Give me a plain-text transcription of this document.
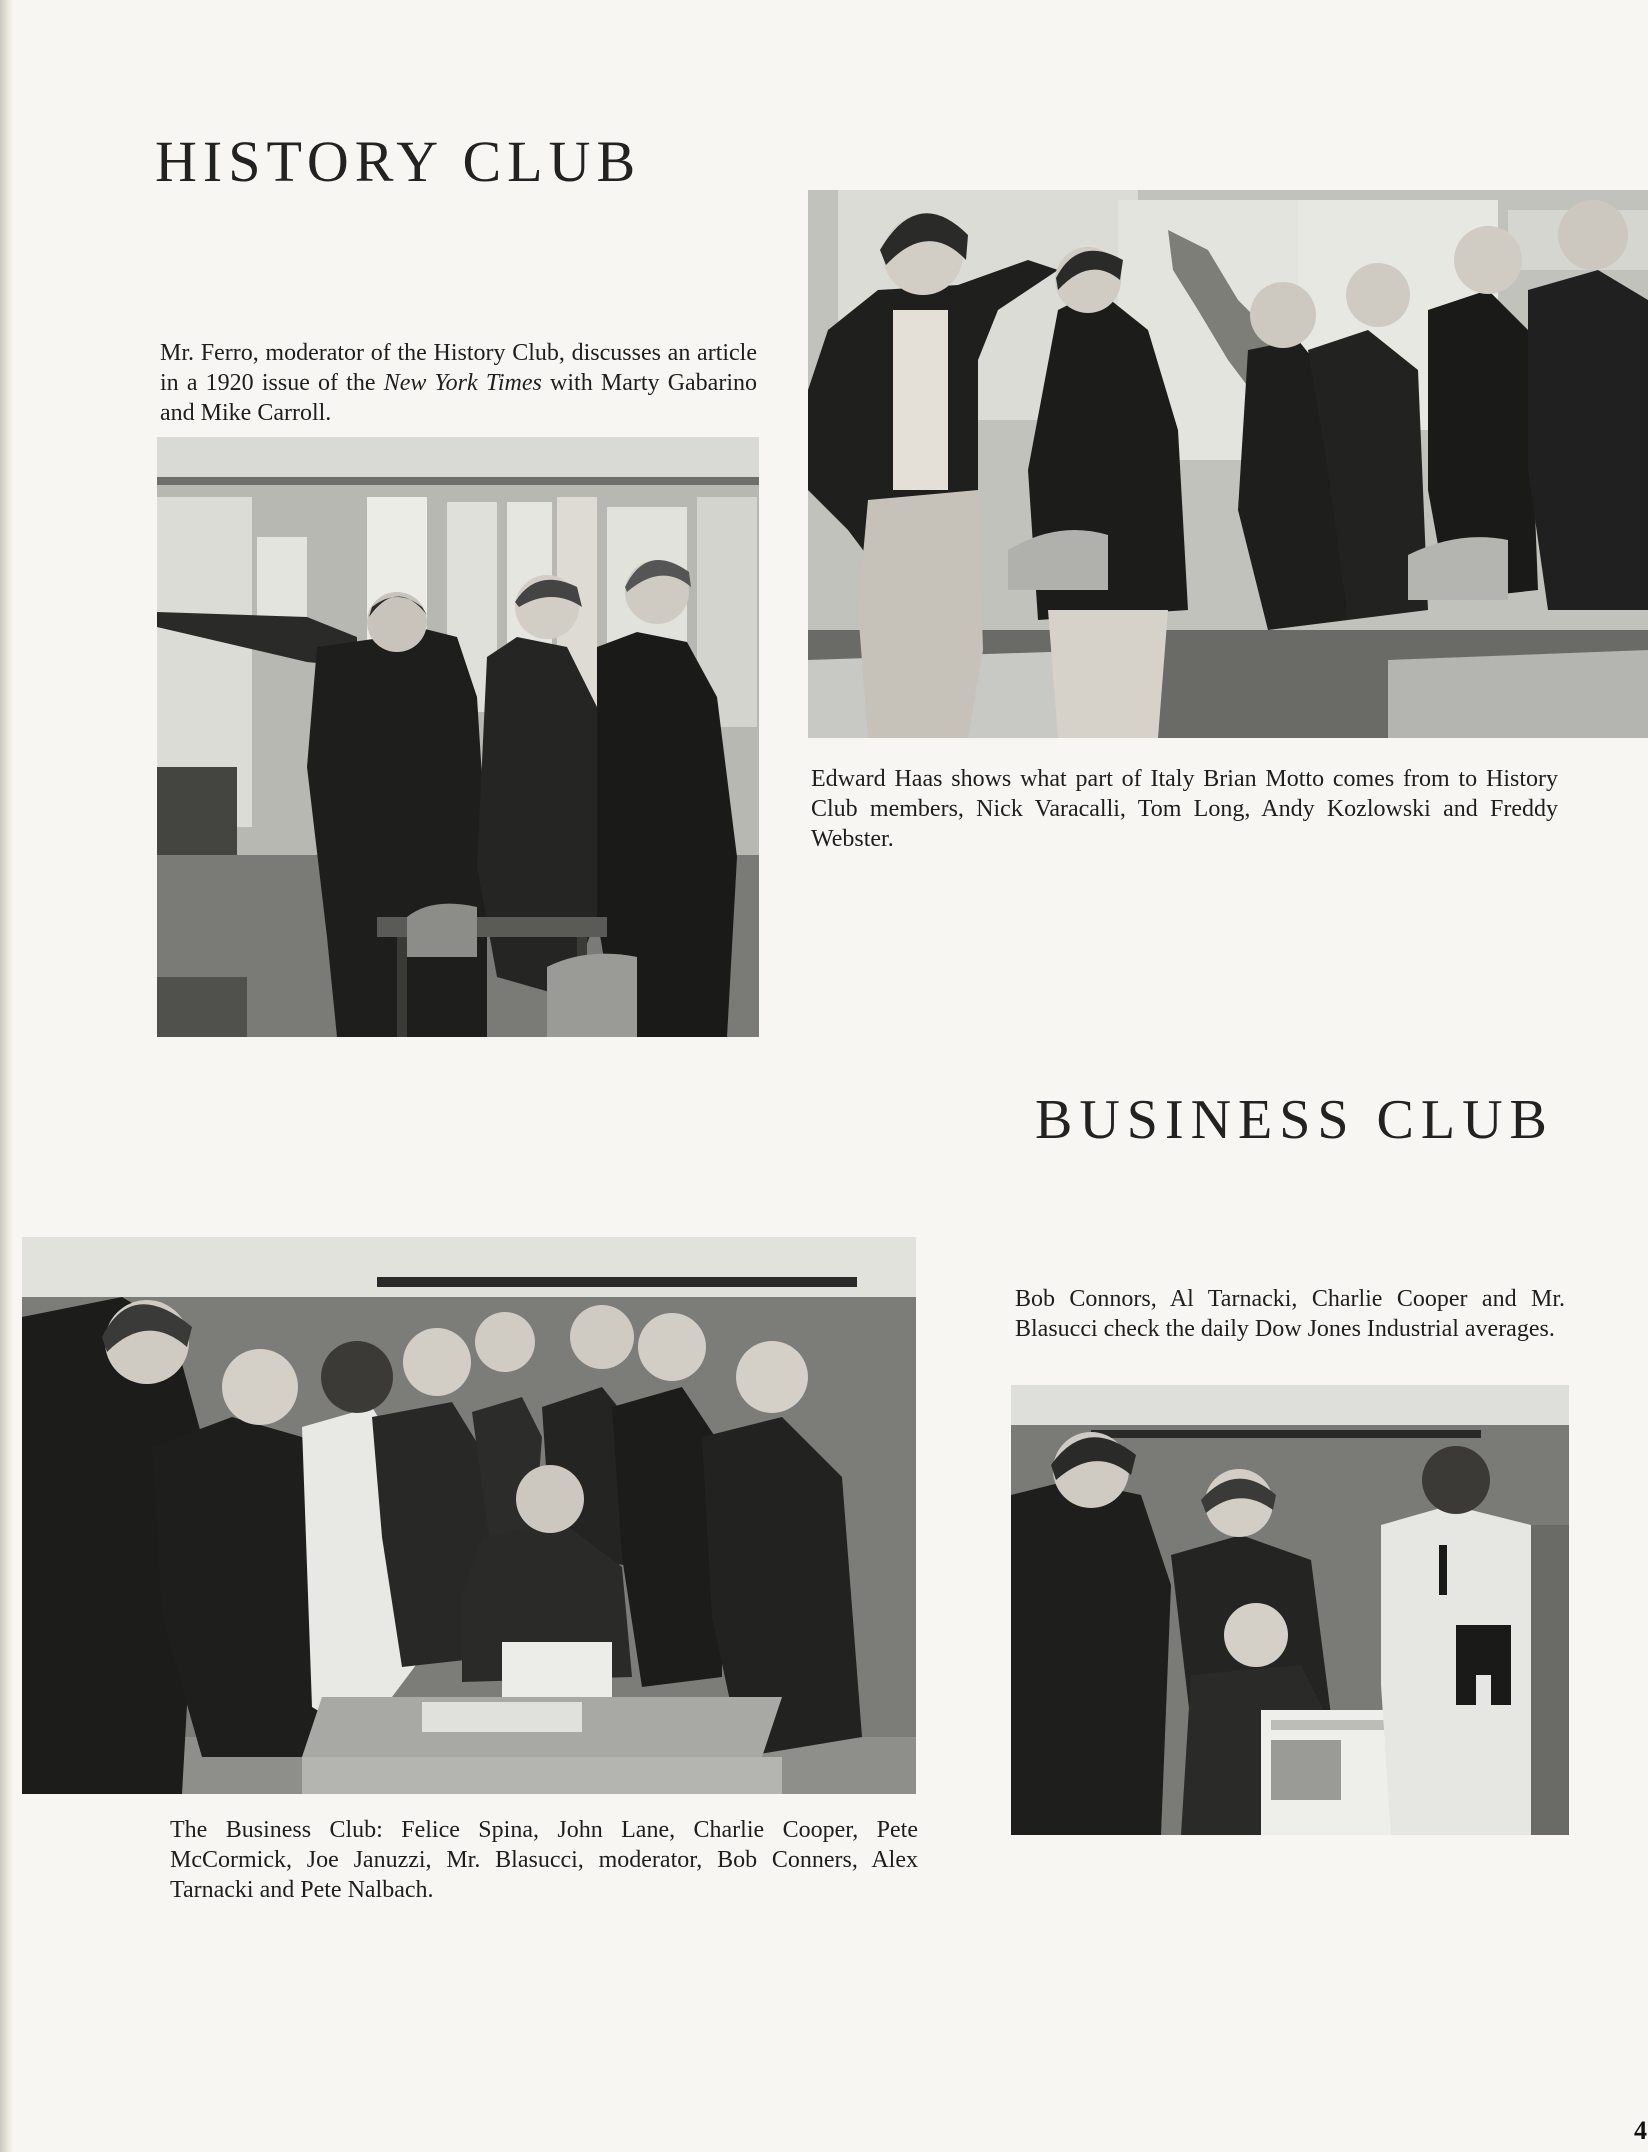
HISTORY CLUB

Mr. Ferro, moderator of the History Club, discusses an article in a 1920 issue of the New York Times with Marty Gabarino and Mike Carroll.

Edward Haas shows what part of Italy Brian Motto comes from to History Club members, Nick Varacalli, Tom Long, Andy Kozlowski and Freddy Webster.

BUSINESS CLUB

Bob Connors, Al Tarnacki, Charlie Cooper and Mr. Blasucci check the daily Dow Jones Industrial averages.

The Business Club: Felice Spina, John Lane, Charlie Cooper, Pete McCormick, Joe Januzzi, Mr. Blasucci, moderator, Bob Conners, Alex Tarnacki and Pete Nalbach.

4
